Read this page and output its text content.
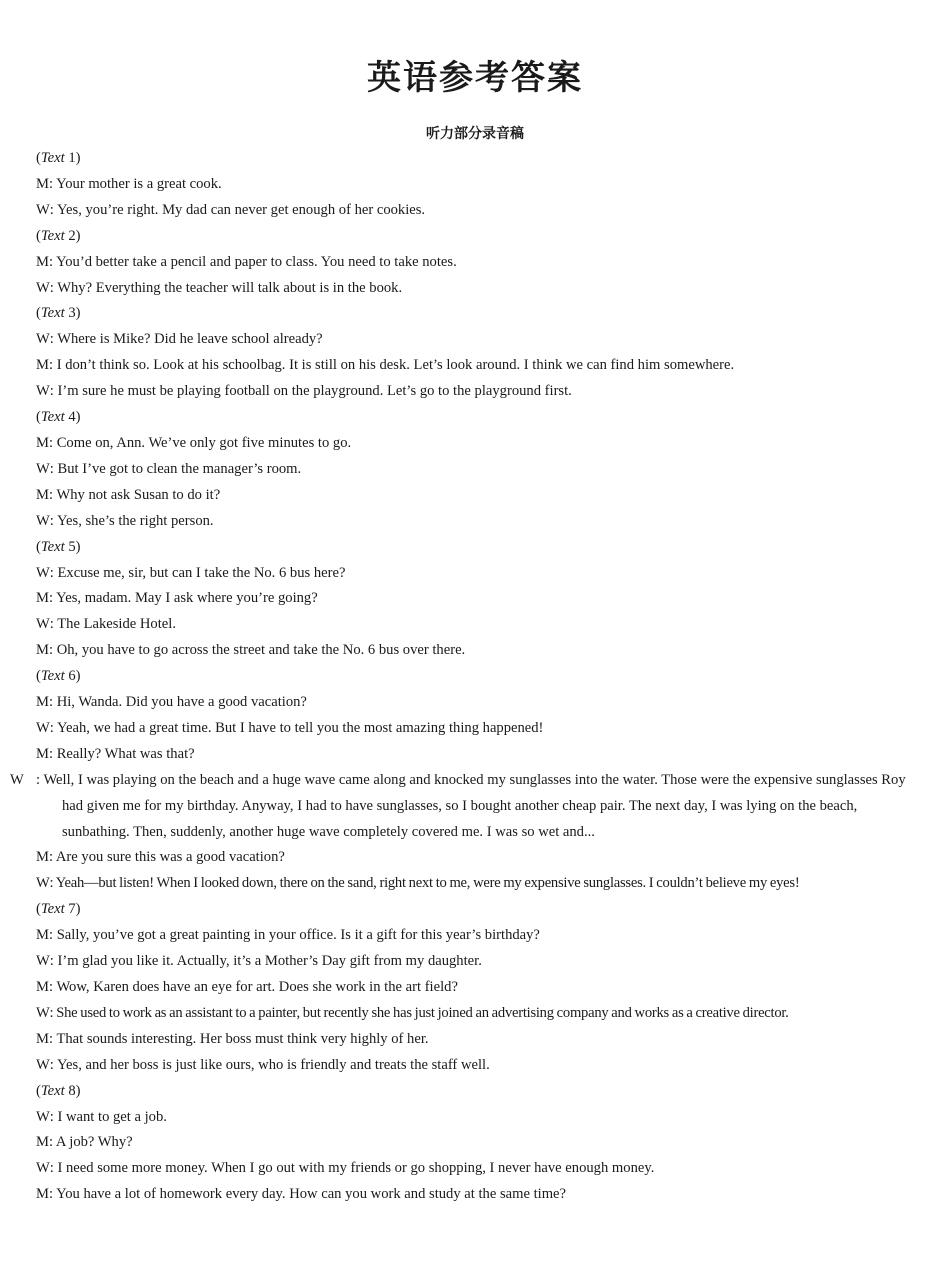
英语参考答案
听力部分录音稿
(Text 1)
M: Your mother is a great cook.
W: Yes, you’re right. My dad can never get enough of her cookies.
(Text 2)
M: You’d better take a pencil and paper to class. You need to take notes.
W: Why? Everything the teacher will talk about is in the book.
(Text 3)
W: Where is Mike? Did he leave school already?
M: I don’t think so. Look at his schoolbag. It is still on his desk. Let’s look around. I think we can find him somewhere.
W: I’m sure he must be playing football on the playground. Let’s go to the playground first.
(Text 4)
M: Come on, Ann. We’ve only got five minutes to go.
W: But I’ve got to clean the manager’s room.
M: Why not ask Susan to do it?
W: Yes, she’s the right person.
(Text 5)
W: Excuse me, sir, but can I take the No. 6 bus here?
M: Yes, madam. May I ask where you’re going?
W: The Lakeside Hotel.
M: Oh, you have to go across the street and take the No. 6 bus over there.
(Text 6)
M: Hi, Wanda. Did you have a good vacation?
W: Yeah, we had a great time. But I have to tell you the most amazing thing happened!
M: Really? What was that?
W : Well, I was playing on the beach and a huge wave came along and knocked my sunglasses into the water. Those were the expensive sunglasses Roy had given me for my birthday. Anyway, I had to have sunglasses, so I bought another cheap pair. The next day, I was lying on the beach, sunbathing. Then, suddenly, another huge wave completely covered me. I was so wet and...
M: Are you sure this was a good vacation?
W: Yeah—but listen! When I looked down, there on the sand, right next to me, were my expensive sunglasses. I couldn’t believe my eyes!
(Text 7)
M: Sally, you’ve got a great painting in your office. Is it a gift for this year’s birthday?
W: I’m glad you like it. Actually, it’s a Mother’s Day gift from my daughter.
M: Wow, Karen does have an eye for art. Does she work in the art field?
W: She used to work as an assistant to a painter, but recently she has just joined an advertising company and works as a creative director.
M: That sounds interesting. Her boss must think very highly of her.
W: Yes, and her boss is just like ours, who is friendly and treats the staff well.
(Text 8)
W: I want to get a job.
M: A job? Why?
W: I need some more money. When I go out with my friends or go shopping, I never have enough money.
M: You have a lot of homework every day. How can you work and study at the same time?
